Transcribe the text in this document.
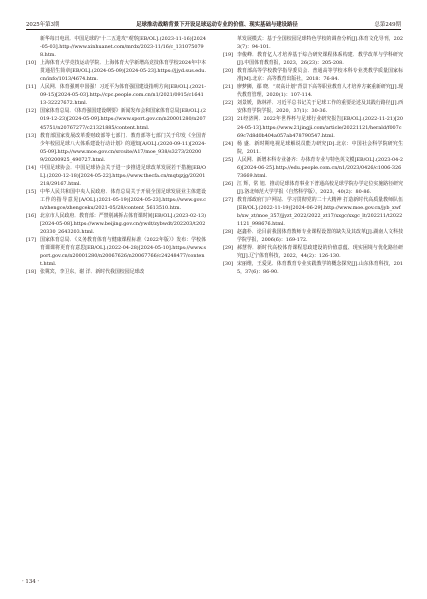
2025年第3期	足球推动战略背景下开设足球运动专业的价值、现实基础与建设路径	总第249期

新华每日电讯．中国足球的“十二五进攻”观察[EB/OL].(2023-11-16)[2024-05-03].http://www.xinhuanet.com/mrdx/2023-11/16/c_1310750798.htm.

[10] 上海体育大学竞技运动学院．上海体育大学新增高竞技体育学校2024年中本贯通招生简章[EB/OL].(2024-05-09)[2024-05-23].https://jjyd.sus.edu.cn/info/1013/4674.htm.

[11] 人民网．体育强则中国强！习近平为体育强国建设指明方向[EB/OL].(2021-09-15)[2024-05-03].http://cpc.people.com.cn/n1/2021/0915/c164113-32227672.html.

[12] 国家体育总局．《体育强国建设纲要》新闻发布会和国家体育总局[EB/OL].(2019-12-23)[2024-05-09].https://www.sport.gov.cn/n20001280/n20745751/n20767277/c21321885/content.html.

[13] 教育部国家发展改革委财政部等七部门．教育部等七部门关于印发《全国青少年校园足球八大体系建设行动计划》的通知[A/OL].(2020-09-11)[2024-05-09].http://www.moe.gov.cn/srcsite/A17/moe_938/s3273/202009/20200925_490727.html.

[14] 中国足球协会．中国足球协会关于进一步推进足球改革发展若干措施[EB/OL].(2020-12-18)[2024-05-22].https://www.thecfa.cn/mqtqzjg/20201218/29167.html.

[15] 中华人民共和国中央人民政府．体育总局关于开展全国足球发展业主体建设工作的指导意见[A/OL].(2021-05-19)[2024-05-23].https://www.gov.cn/zhengce/zhengceku/2021-05/28/content_5613510.htm.

[16] 北京市人民政府．教育部：严禁别减拆占体育课时间[EB/OL].(2023-02-13)[2024-05-08].https://www.beijing.gov.cn/ywdt/zybwdt/202203/t20220330_2643203.html.

[17] 国家体育总局．《义务教育体育与健康课程标准（2022年版）》发布：学校体育课课将更育有意思[EB/OL].(2022-04-28)[2024-05-10].https://www.sport.gov.cn/n20001280/n20067626/n20067766/c24248477/content.html.

[18] 张冀宾，李卫东，谢 洋．新时代我国校园足球改

革发展模式：基于全国校园足球特色学校的调查分析[J].体育文化导刊，2023(7)：94-101.

[19] 李俊峰．教育亿人才培养基于综合研究课程体系构建．教学改革与学科研究[J].中国体育教育报，2023，26(23)：205-208.

[20] 教育部高等学校教学指导委员会．普通高等学校本科专业类教学质量国家标准[M].北京：高等教育出版社，2018：76-84.

[21] 廖梦狮，鄢 晓．“双高计划”背景下高等职业教育人才培养方案重新研究[J].现代教育管理，2020(1)：107-114.

[22] 刘景媛，陈林祥．习近平总书记关于足球工作的重要论述及其践行路径[J].西安体育学院学报，2020，37(1)：30-36.

[23] 21经济网．2022年世界杯与足球行业研究报告[EB/OL].(2022-11-21)[2024-05-13].https://www.21jingji.com/article/20221121/herald/f007c69c7d8d0b404a057ab478790547.html.

[24] 杨 盛．新时期电视足球解说员能力研究[D].北京：中国社会科学院研究生院，2011.

[25] 人民网．新增本科专业备齐：办体育专业与特色英文模[EB/OL].(2023-04-26)[2024-06-25].http://edu.people.com.cn/n1/2023/0426/c1006-32673669.html.

[26] 江 辉，常 旭．推动足球体育事业下普通高校足球学院办学定位实施路径研究[J].洛北师范大学学报（自然科学版），2023，40(2)：80-86.

[27] 教育部政府门户网站．学习贯彻党的二十大精神 打造新时代高质量教师队伍[EB/OL].(2022-11-19)[2024-06-29].http://www.moe.gov.cn/jyb_xwfb/xw_zt/moe_357/jjyzt_2022/2022_zt17/xxgc/xxgc_lt/202211/t20221121_998676.html.

[28] 赵鑫朴．论目前我国体育教师专业课程设置的缺失及其改革[J].湖南人文科技学院学报，2006(6)：169-172.

[29] 郝慧得．新时代高校体育课程思政建设的价值意蕴、现实困境与优化路径研究[J].辽宁体育科技，2022，44(2)：126-130.

[30] 宋丽维，王爱见．体育教育专业实践教学的概念探究[J].山东体育科技，2015，37(6)：86-90.

· 134 ·
